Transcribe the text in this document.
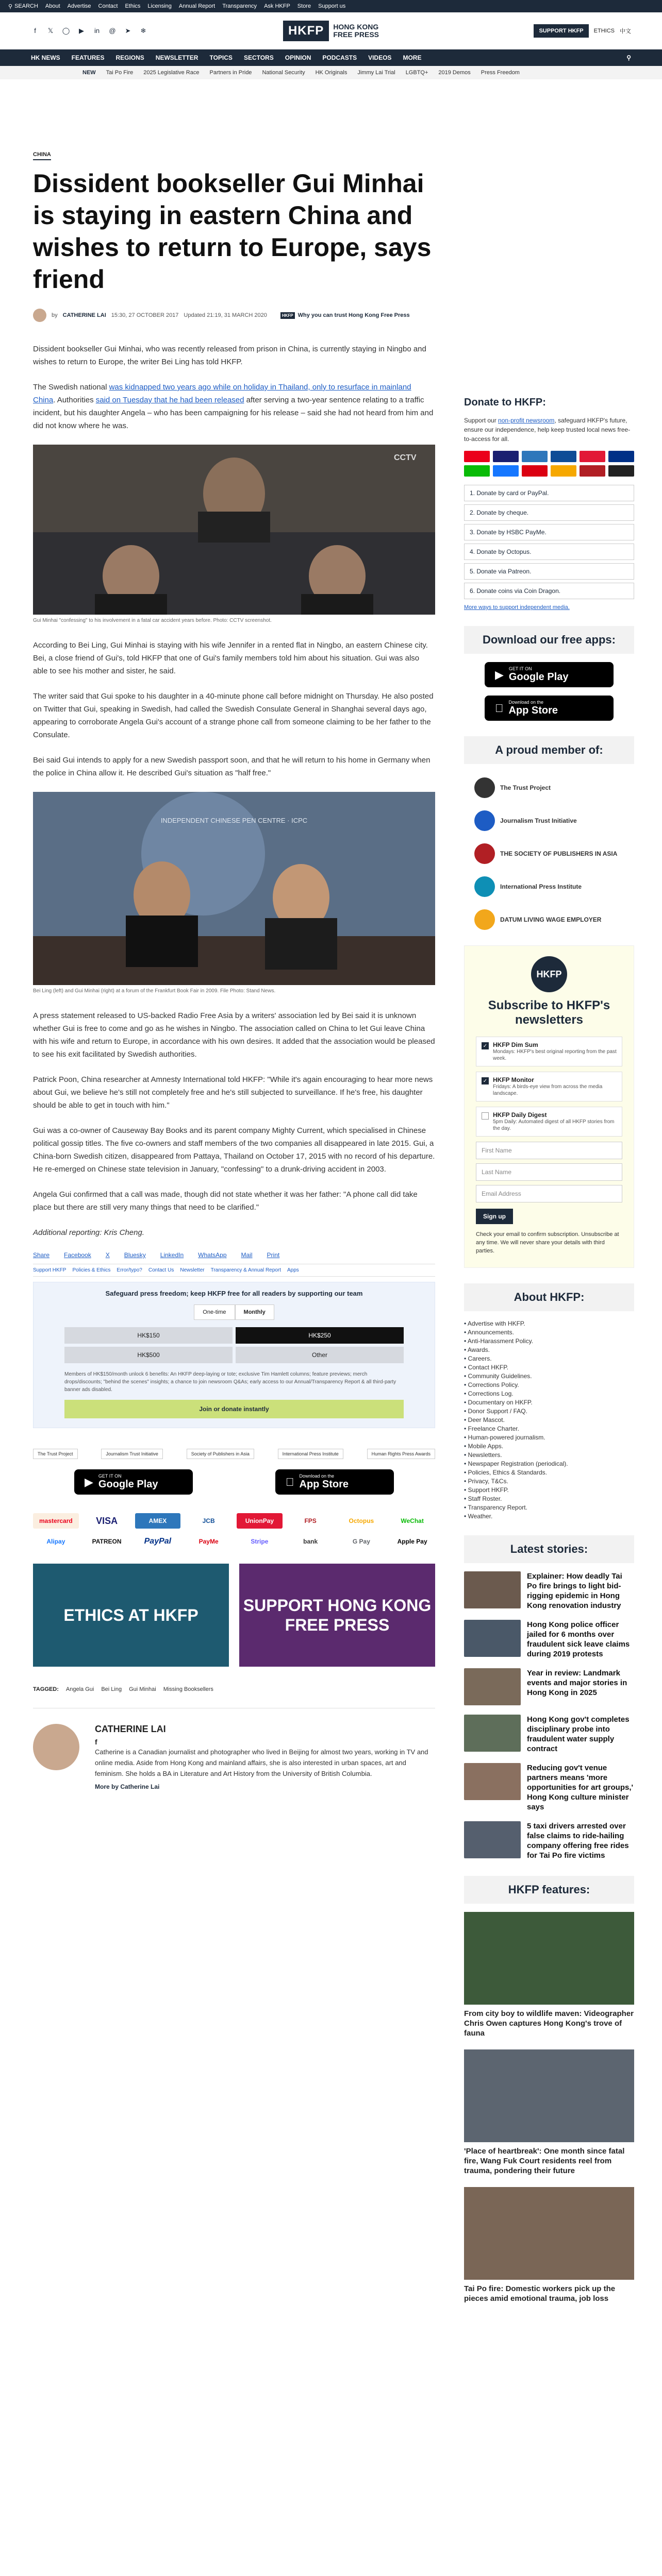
⚲ SEARCH About Advertise Contact Ethics Licensing Annual Report Transparency Ask HKFP Store Support us
f	𝕏 ◯ ▶ in @ ➤ ❄	HKFP	HONG KONG
FREE PRESS	SUPPORT HKFP	ETHICS 中文
HK NEWS FEATURES REGIONS NEWSLETTER TOPICS SECTORS OPINION PODCASTS VIDEOS MORE	⚲
NEW Tai Po Fire 2025 Legislative Race Partners in Pride National Security HK Originals Jimmy Lai Trial LGBTQ+ 2019 Demos Press Freedom
CHINA
Dissident bookseller Gui Minhai is staying in eastern China and wishes to return to Europe, says friend
by CATHERINE LAI 15:30, 27 OCTOBER 2017 Updated 21:19, 31 MARCH 2020	HKFP Why you can trust Hong Kong Free Press

Dissident bookseller Gui Minhai, who was recently released from prison in China, is currently staying in Ningbo and wishes to return to Europe, the writer Bei Ling has told HKFP.

The Swedish national was kidnapped two years ago while on holiday in Thailand, only to resurface in mainland China. Authorities said on Tuesday that he had been released after serving a two-year sentence relating to a traffic incident, but his daughter Angela – who has been campaigning for his release – said she had not heard from him and did not know where he was.

CCTV
Gui Minhai "confessing" to his involvement in a fatal car accident years before. Photo: CCTV screenshot.

According to Bei Ling, Gui Minhai is staying with his wife Jennifer in a rented flat in Ningbo, an eastern Chinese city. Bei, a close friend of Gui's, told HKFP that one of Gui's family members told him about his situation. Gui was also able to see his mother and sister, he said.

The writer said that Gui spoke to his daughter in a 40-minute phone call before midnight on Thursday. He also posted on Twitter that Gui, speaking in Swedish, had called the Swedish Consulate General in Shanghai several days ago, appearing to corroborate Angela Gui's account of a strange phone call from someone claiming to be her father to the Consulate.

Bei said Gui intends to apply for a new Swedish passport soon, and that he will return to his home in Germany when the police in China allow it. He described Gui's situation as "half free."

INDEPENDENT CHINESE PEN CENTRE · ICPC
Bei Ling (left) and Gui Minhai (right) at a forum of the Frankfurt Book Fair in 2009. File Photo: Stand News.

A press statement released to US-backed Radio Free Asia by a writers' association led by Bei said it is unknown whether Gui is free to come and go as he wishes in Ningbo. The association called on China to let Gui leave China with his wife and return to Europe, in accordance with his own desires. It added that the association would be pleased to see his exit facilitated by Swedish authorities.

Patrick Poon, China researcher at Amnesty International told HKFP: "While it's again encouraging to hear more news about Gui, we believe he's still not completely free and he's still subjected to surveillance. If he's free, his daughter should be able to get in touch with him."

Gui was a co-owner of Causeway Bay Books and its parent company Mighty Current, which specialised in Chinese political gossip titles. The five co-owners and staff members of the two companies all disappeared in late 2015. Gui, a China-born Swedish citizen, disappeared from Pattaya, Thailand on October 17, 2015 with no record of his departure. He re-emerged on Chinese state television in January, "confessing" to a drunk-driving accident in 2003.

Angela Gui confirmed that a call was made, though did not state whether it was her father: "A phone call did take place but there are still very many things that need to be clarified."

Additional reporting: Kris Cheng.

Share Facebook X Bluesky LinkedIn WhatsApp Mail Print
Support HKFP Policies & Ethics Error/typo? Contact Us Newsletter Transparency & Annual Report Apps
Safeguard press freedom; keep HKFP free for all readers by supporting our team
One-time	Monthly
HK$150	HK$250
HK$500	Other
Members of HK$150/month unlock 6 benefits: An HKFP deep-laying or tote; exclusive Tim Hamlett columns; feature previews; merch drops/discounts; "behind the scenes" insights; a chance to join newsroom Q&As; early access to our Annual/Transparency Report & all third-party banner ads disabled.
Join or donate instantly
The Trust Project	Journalism Trust Initiative	Society of Publishers in Asia	International Press Institute	Human Rights Press Awards
▶ GET IT ON
Google Play
Download on the
App Store
mastercard	VISA	AMEX	JCB	UnionPay	FPS	Octopus	WeChat
Alipay	PATREON	PayPal	PayMe	Stripe	bank	G Pay	Apple Pay
ETHICS AT HKFP
SUPPORT HONG KONG FREE PRESS
TAGGED: Angela Gui Bei Ling Gui Minhai Missing Booksellers
CATHERINE LAI
f

Catherine is a Canadian journalist and photographer who lived in Beijing for almost two years, working in TV and online media. Aside from Hong Kong and mainland affairs, she is also interested in urban spaces, art and feminism. She holds a BA in Literature and Art History from the University of British Columbia.

More by Catherine Lai
Donate to HKFP:

Support our non-profit newsroom, safeguard HKFP's future, ensure our independence, help keep trusted local news free-to-access for all.

1. Donate by card or PayPal.
2. Donate by cheque.
3. Donate by HSBC PayMe.
4. Donate by Octopus.
5. Donate via Patreon.
6. Donate coins via Coin Dragon.
More ways to support independent media.
Download our free apps:
▶ GET IT ON
Google Play
Download on the
App Store
A proud member of:
The Trust Project
Journalism Trust Initiative
THE SOCIETY OF PUBLISHERS IN ASIA
International Press Institute
DATUM LIVING WAGE EMPLOYER
HKFP
Subscribe to HKFP's newsletters
✓ HKFP Dim Sum
Mondays: HKFP's best original reporting from the past week.
✓ HKFP Monitor
Fridays: A birds-eye view from across the media landscape.
HKFP Daily Digest
5pm Daily: Automated digest of all HKFP stories from the day.
First Name
Last Name
Email Address
Sign up
Check your email to confirm subscription. Unsubscribe at any time. We will never share your details with third parties.
About HKFP:
• Advertise with HKFP.
• Announcements.
• Anti-Harassment Policy.
• Awards.
• Careers.
• Contact HKFP.
• Community Guidelines.
• Corrections Policy.
• Corrections Log.
• Documentary on HKFP.
• Donor Support / FAQ.
• Deer Mascot.
• Freelance Charter.
• Human-powered journalism.
• Mobile Apps.
• Newsletters.
• Newspaper Registration (periodical).
• Policies, Ethics & Standards.
• Privacy, T&Cs.
• Support HKFP.
• Staff Roster.
• Transparency Report.
• Weather.
Latest stories:
Explainer: How deadly Tai Po fire brings to light bid-rigging epidemic in Hong Kong renovation industry
Hong Kong police officer jailed for 6 months over fraudulent sick leave claims during 2019 protests
Year in review: Landmark events and major stories in Hong Kong in 2025
Hong Kong gov't completes disciplinary probe into fraudulent water supply contract
Reducing gov't venue partners means 'more opportunities for art groups,' Hong Kong culture minister says
5 taxi drivers arrested over false claims to ride-hailing company offering free rides for Tai Po fire victims
HKFP features:
From city boy to wildlife maven: Videographer Chris Owen captures Hong Kong's trove of fauna
'Place of heartbreak': One month since fatal fire, Wang Fuk Court residents reel from trauma, pondering their future
Tai Po fire: Domestic workers pick up the pieces amid emotional trauma, job loss
